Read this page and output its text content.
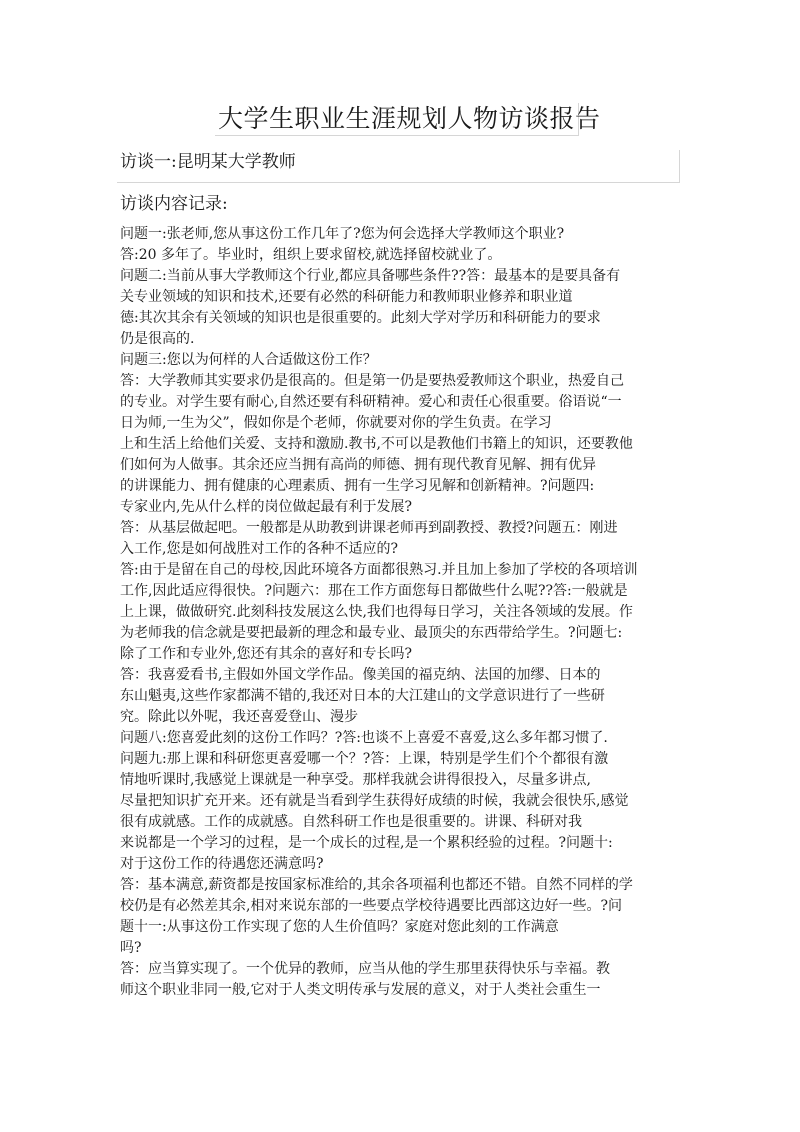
大学生职业生涯规划人物访谈报告
访谈一:昆明某大学教师
访谈内容记录:
问题一:张老师,您从事这份工作几年了?您为何会选择大学教师这个职业?
答:20 多年了。毕业时，组织上要求留校,就选择留校就业了。
问题二:当前从事大学教师这个行业,都应具备哪些条件??答：最基本的是要具备有
关专业领域的知识和技术,还要有必然的科研能力和教师职业修养和职业道
德:其次其余有关领域的知识也是很重要的。此刻大学对学历和科研能力的要求
仍是很高的.
问题三:您以为何样的人合适做这份工作？
答：大学教师其实要求仍是很高的。但是第一仍是要热爱教师这个职业，热爱自己
的专业。对学生要有耐心,自然还要有科研精神。爱心和责任心很重要。俗语说“一
日为师,一生为父”，假如你是个老师，你就要对你的学生负责。在学习
上和生活上给他们关爱、支持和激励.教书,不可以是教他们书籍上的知识，还要教他
们如何为人做事。其余还应当拥有高尚的师德、拥有现代教育见解、拥有优异
的讲课能力、拥有健康的心理素质、拥有一生学习见解和创新精神。?问题四:
专家业内,先从什么样的岗位做起最有利于发展?
答：从基层做起吧。一般都是从助教到讲课老师再到副教授、教授?问题五：刚进
入工作,您是如何战胜对工作的各种不适应的?
答:由于是留在自己的母校,因此环境各方面都很熟习.并且加上参加了学校的各项培训
工作,因此适应得很快。?问题六：那在工作方面您每日都做些什么呢??答:一般就是
上上课，做做研究.此刻科技发展这么快,我们也得每日学习，关注各领域的发展。作
为老师我的信念就是要把最新的理念和最专业、最顶尖的东西带给学生。?问题七:
除了工作和专业外,您还有其余的喜好和专长吗?
答：我喜爱看书,主假如外国文学作品。像美国的福克纳、法国的加缪、日本的
东山魁夷,这些作家都满不错的,我还对日本的大江建山的文学意识进行了一些研
究。除此以外呢，我还喜爱登山、漫步
问题八:您喜爱此刻的这份工作吗？?答:也谈不上喜爱不喜爱,这么多年都习惯了.
问题九:那上课和科研您更喜爱哪一个？?答：上课，特别是学生们个个都很有激
情地听课时,我感觉上课就是一种享受。那样我就会讲得很投入，尽量多讲点,
尽量把知识扩充开来。还有就是当看到学生获得好成绩的时候，我就会很快乐,感觉
很有成就感。工作的成就感。自然科研工作也是很重要的。讲课、科研对我
来说都是一个学习的过程，是一个成长的过程,是一个累积经验的过程。?问题十:
对于这份工作的待遇您还满意吗?
答：基本满意,薪资都是按国家标准给的,其余各项福利也都还不错。自然不同样的学
校仍是有必然差其余,相对来说东部的一些要点学校待遇要比西部这边好一些。?问
题十一:从事这份工作实现了您的人生价值吗？家庭对您此刻的工作满意
吗?
答：应当算实现了。一个优异的教师，应当从他的学生那里获得快乐与幸福。教
师这个职业非同一般,它对于人类文明传承与发展的意义，对于人类社会重生一
